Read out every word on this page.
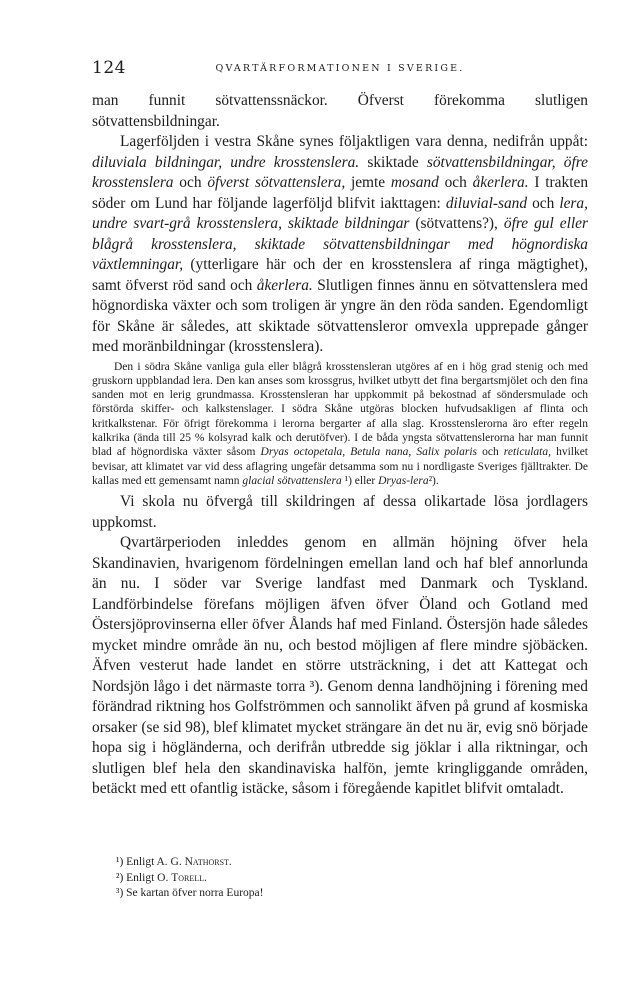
124	QVARTÄRFORMATIONEN I SVERIGE.

man funnit sötvattenssnäckor. Öfverst förekomma slutligen sötvattensbildningar.

Lagerföljden i vestra Skåne synes följaktligen vara denna, nedifrån uppåt: diluviala bildningar, undre krosstenslera. skiktade sötvattensbildningar, öfre krosstenslera och öfverst sötvattenslera, jemte mosand och åkerlera. I trakten söder om Lund har följande lagerföljd blifvit iakttagen: diluvial-sand och lera, undre svart-grå krosstenslera, skiktade bildningar (sötvattens?), öfre gul eller blågrå krosstenslera, skiktade sötvattensbildningar med högnordiska växtlemningar, (ytterligare här och der en krosstenslera af ringa mägtighet), samt öfverst röd sand och åkerlera. Slutligen finnes ännu en sötvattenslera med högnordiska växter och som troligen är yngre än den röda sanden. Egendomligt för Skåne är således, att skiktade sötvattensleror omvexla upprepade gånger med moränbildningar (krosstenslera).

Den i södra Skåne vanliga gula eller blågrå krosstensleran utgöres af en i hög grad stenig och med gruskorn uppblandad lera. Den kan anses som krossgrus, hvilket utbytt det fina bergartsmjölet och den fina sanden mot en lerig grundmassa. Krosstensleran har uppkommit på bekostnad af söndersmulade och förstörda skiffer- och kalkstenslager. I södra Skåne utgöras blocken hufvudsakligen af flinta och kritkalkstenar. För öfrigt förekomma i lerorna bergarter af alla slag. Krosstenslerorna äro efter regeln kalkrika (ända till 25 % kolsyrad kalk och derutöfver). I de båda yngsta sötvattenslerorna har man funnit blad af högnordiska växter såsom Dryas octopetala, Betula nana, Salix polaris och reticulata, hvilket bevisar, att klimatet var vid dess aflagring ungefär detsamma som nu i nordligaste Sveriges fjälltrakter. De kallas med ett gemensamt namn glacial sötvattenslera ¹) eller Dryas-lera²).

Vi skola nu öfvergå till skildringen af dessa olikartade lösa jordlagers uppkomst.

Qvartärperioden inleddes genom en allmän höjning öfver hela Skandinavien, hvarigenom fördelningen emellan land och haf blef annorlunda än nu. I söder var Sverige landfast med Danmark och Tyskland. Landförbindelse förefans möjligen äfven öfver Öland och Gotland med Östersjöprovinserna eller öfver Ålands haf med Finland. Östersjön hade således mycket mindre område än nu, och bestod möjligen af flere mindre sjöbäcken. Äfven vesterut hade landet en större utsträckning, i det att Kattegat och Nordsjön lågo i det närmaste torra ³). Genom denna landhöjning i förening med förändrad riktning hos Golfströmmen och sannolikt äfven på grund af kosmiska orsaker (se sid 98), blef klimatet mycket strängare än det nu är, evig snö började hopa sig i högländerna, och derifrån utbredde sig jöklar i alla riktningar, och slutligen blef hela den skandinaviska halfön, jemte kringliggande områden, betäckt med ett ofantlig istäcke, såsom i föregående kapitlet blifvit omtaladt.

¹) Enligt A. G. Nathorst.
²) Enligt O. Torell.
³) Se kartan öfver norra Europa!
